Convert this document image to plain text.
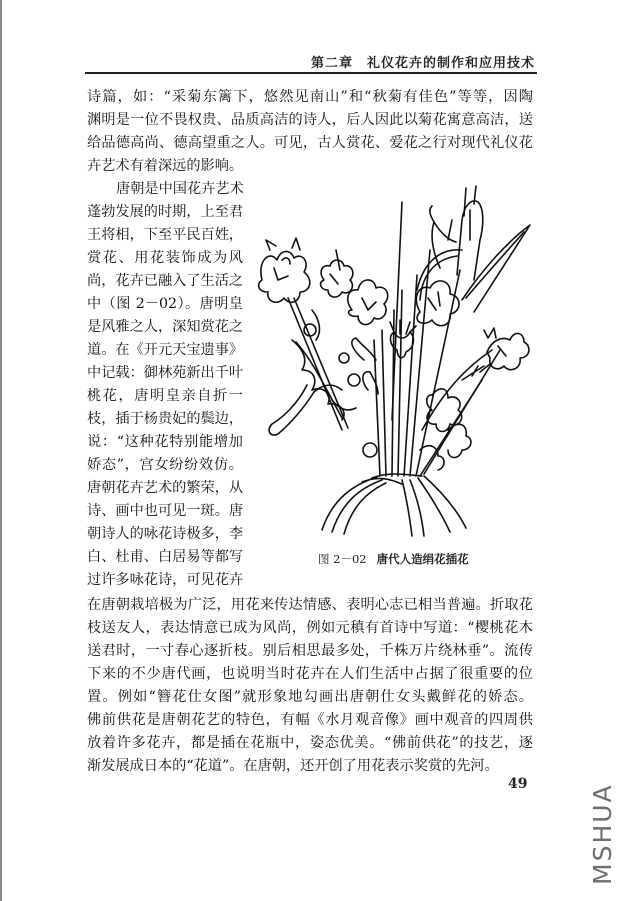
第二章 礼仪花卉的制作和应用技术
诗篇，如：“采菊东篱下，悠然见南山”和“秋菊有佳色”等等，因陶
渊明是一位不畏权贵、品质高洁的诗人，后人因此以菊花寓意高洁，送
给品德高尚、德高望重之人。可见，古人赏花、爱花之行对现代礼仪花
卉艺术有着深远的影响。
唐朝是中国花卉艺术
蓬勃发展的时期，上至君
王将相，下至平民百姓，
赏花、用花装饰成为风
尚，花卉已融入了生活之
中（图 2－02）。唐明皇
是风雅之人，深知赏花之
道。在《开元天宝遗事》
中记载：御林苑新出千叶
桃花，唐明皇亲自折一
枝，插于杨贵妃的鬓边，
说：“这种花特别能增加
娇态”，宫女纷纷效仿。
唐朝花卉艺术的繁荣，从
诗、画中也可见一斑。唐
朝诗人的咏花诗极多，李
白、杜甫、白居易等都写
过许多咏花诗，可见花卉
在唐朝栽培极为广泛，用花来传达情感、表明心志已相当普遍。折取花
枝送友人，表达情意已成为风尚，例如元稹有首诗中写道：“樱桃花木
送君时，一寸春心逐折枝。别后相思最多处，千株万片绕林垂”。流传
下来的不少唐代画，也说明当时花卉在人们生活中占据了很重要的位
置。例如“簪花仕女图”就形象地勾画出唐朝仕女头戴鲜花的娇态。
佛前供花是唐朝花艺的特色，有幅《水月观音像》画中观音的四周供
放着许多花卉，都是插在花瓶中，姿态优美。“佛前供花”的技艺，逐
渐发展成日本的“花道”。在唐朝，还开创了用花表示奖赏的先河。
图 2－02 唐代人造绢花插花
49 MSHUA
